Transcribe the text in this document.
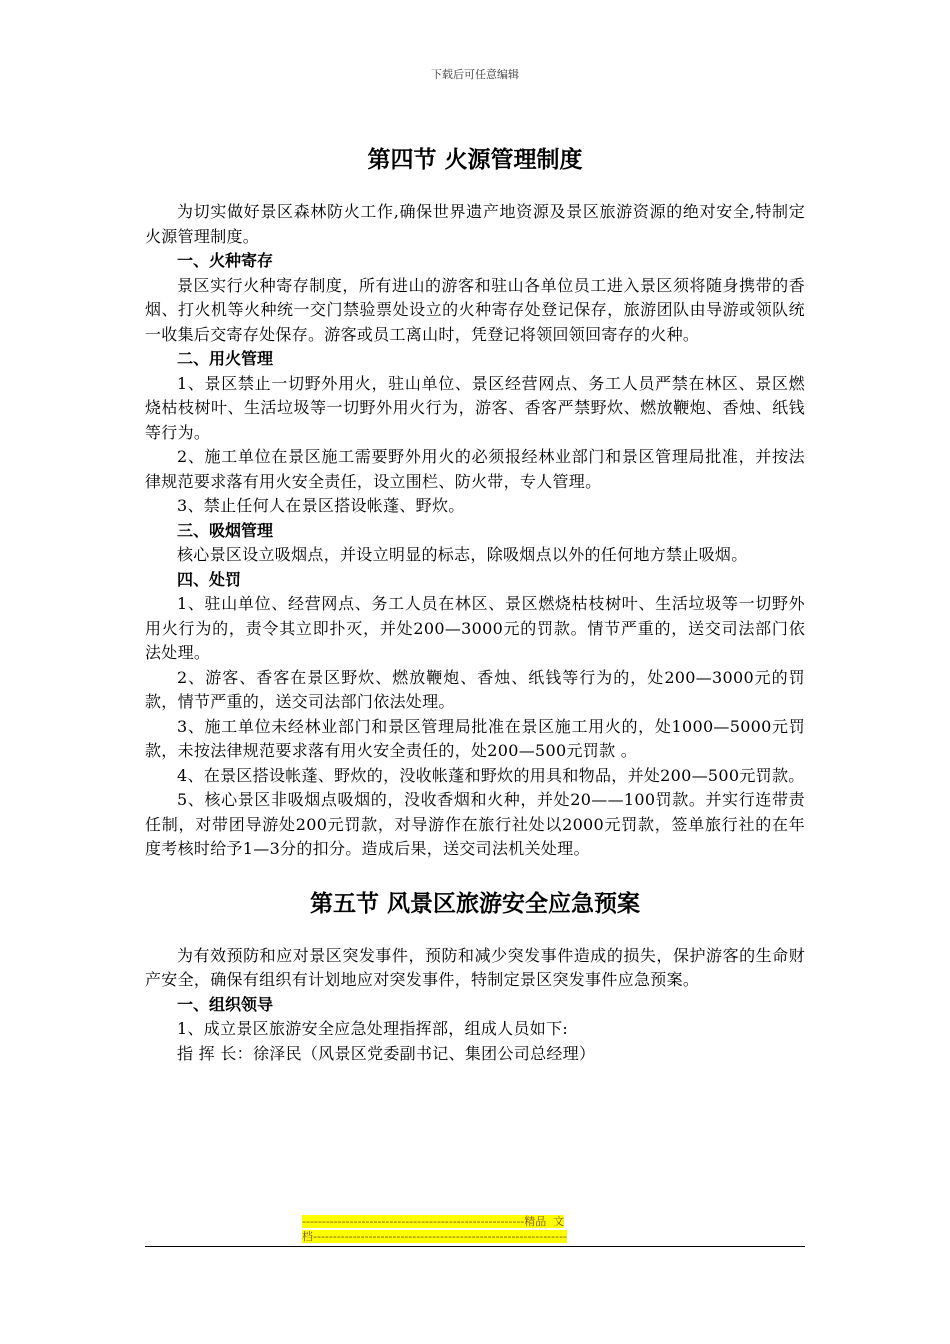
下载后可任意编辑
第四节 火源管理制度

为切实做好景区森林防火工作,确保世界遗产地资源及景区旅游资源的绝对安全,特制定火源管理制度。

一、火种寄存

景区实行火种寄存制度，所有进山的游客和驻山各单位员工进入景区须将随身携带的香烟、打火机等火种统一交门禁验票处设立的火种寄存处登记保存，旅游团队由导游或领队统一收集后交寄存处保存。游客或员工离山时，凭登记将领回领回寄存的火种。

二、用火管理

1、景区禁止一切野外用火，驻山单位、景区经营网点、务工人员严禁在林区、景区燃烧枯枝树叶、生活垃圾等一切野外用火行为，游客、香客严禁野炊、燃放鞭炮、香烛、纸钱等行为。

2、施工单位在景区施工需要野外用火的必须报经林业部门和景区管理局批准，并按法律规范要求落有用火安全责任，设立围栏、防火带，专人管理。

3、禁止任何人在景区搭设帐蓬、野炊。

三、吸烟管理

核心景区设立吸烟点，并设立明显的标志，除吸烟点以外的任何地方禁止吸烟。

四、处罚

1、驻山单位、经营网点、务工人员在林区、景区燃烧枯枝树叶、生活垃圾等一切野外用火行为的，责令其立即扑灭，并处200—3000元的罚款。情节严重的，送交司法部门依法处理。

2、游客、香客在景区野炊、燃放鞭炮、香烛、纸钱等行为的，处200—3000元的罚款，情节严重的，送交司法部门依法处理。

3、施工单位未经林业部门和景区管理局批准在景区施工用火的，处1000—5000元罚款，未按法律规范要求落有用火安全责任的，处200—500元罚款 。

4、在景区搭设帐蓬、野炊的，没收帐蓬和野炊的用具和物品，并处200—500元罚款。

5、核心景区非吸烟点吸烟的，没收香烟和火种，并处20——100罚款。并实行连带责任制，对带团导游处200元罚款，对导游作在旅行社处以2000元罚款，签单旅行社的在年度考核时给予1—3分的扣分。造成后果，送交司法机关处理。

第五节 风景区旅游安全应急预案

为有效预防和应对景区突发事件，预防和减少突发事件造成的损失，保护游客的生命财产安全，确保有组织有计划地应对突发事件，特制定景区突发事件应急预案。

一、组织领导

1、成立景区旅游安全应急处理指挥部，组成人员如下:

指 挥 长：徐泽民（风景区党委副书记、集团公司总经理）

--------------------------------------------------------精品  文
档----------------------------------------------------------------
